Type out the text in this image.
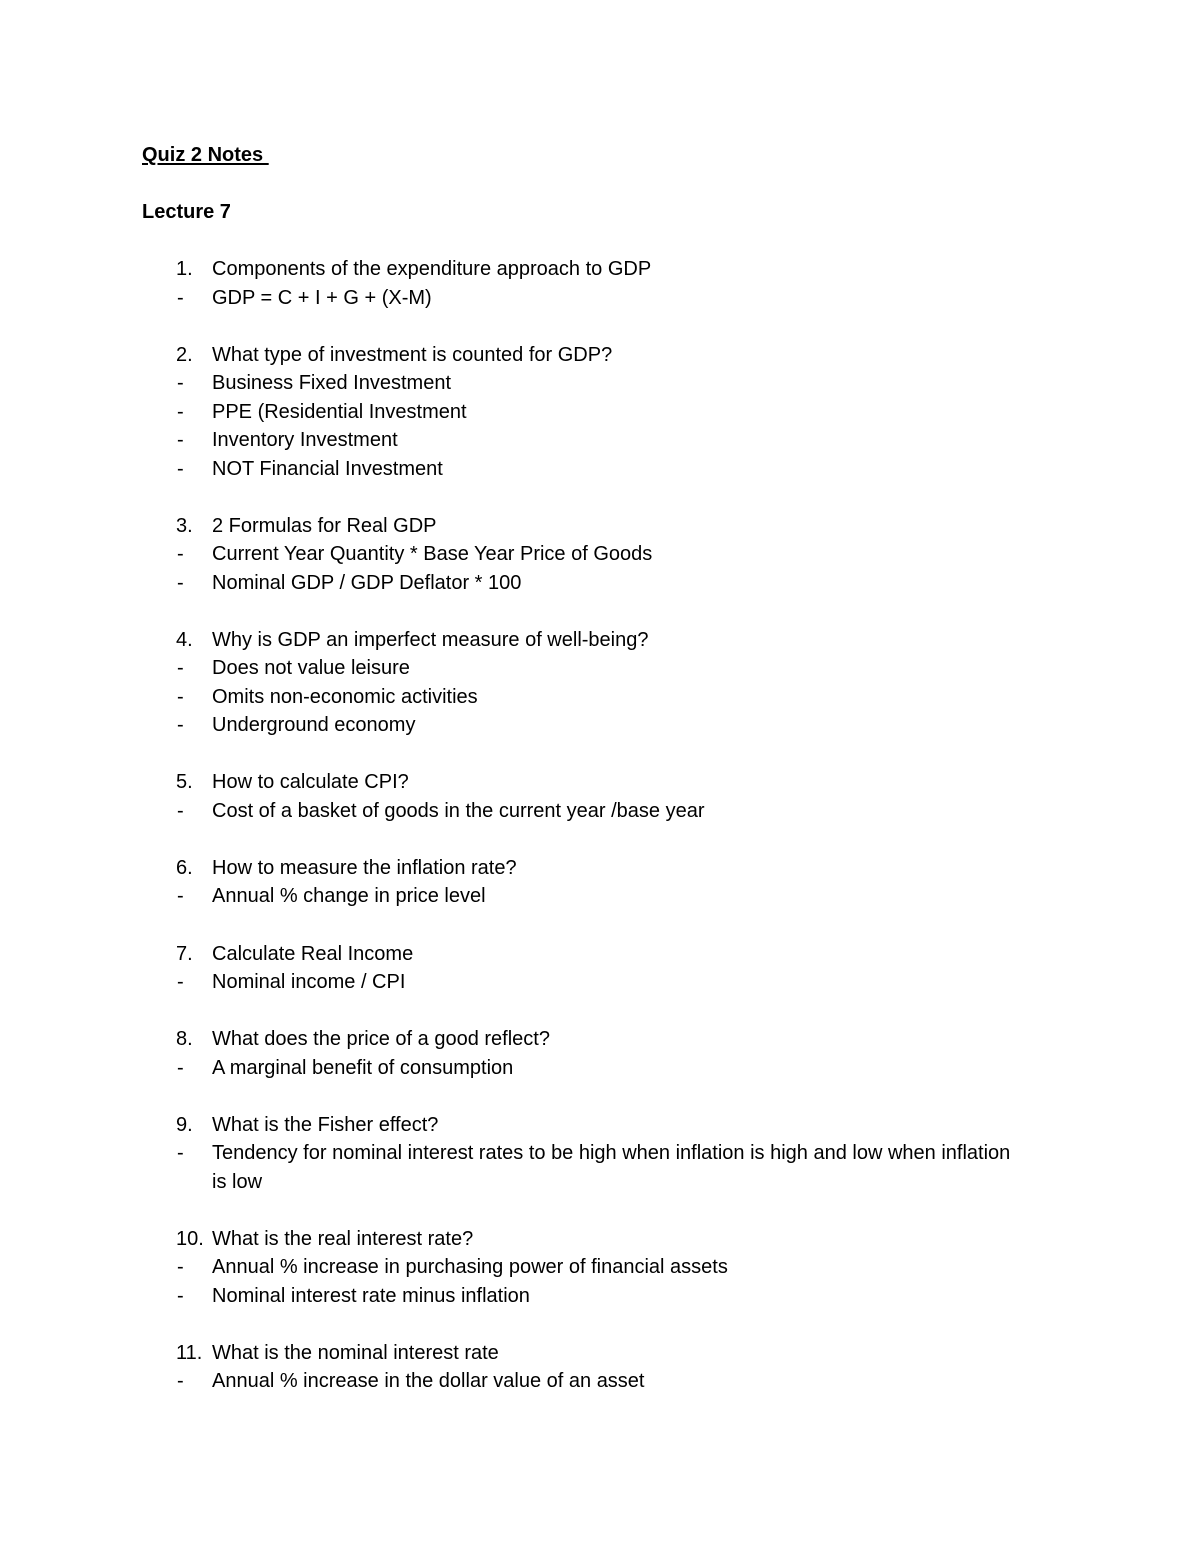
Quiz 2 Notes
Lecture 7
1. Components of the expenditure approach to GDP
- GDP = C + I + G + (X-M)
2. What type of investment is counted for GDP?
- Business Fixed Investment
- PPE (Residential Investment
- Inventory Investment
- NOT Financial Investment
3. 2 Formulas for Real GDP
- Current Year Quantity * Base Year Price of Goods
- Nominal GDP / GDP Deflator * 100
4. Why is GDP an imperfect measure of well-being?
- Does not value leisure
- Omits non-economic activities
- Underground economy
5. How to calculate CPI?
- Cost of a basket of goods in the current year /base year
6. How to measure the inflation rate?
- Annual % change in price level
7. Calculate Real Income
- Nominal income / CPI
8. What does the price of a good reflect?
- A marginal benefit of consumption
9. What is the Fisher effect?
- Tendency for nominal interest rates to be high when inflation is high and low when inflation is low
10. What is the real interest rate?
- Annual % increase in purchasing power of financial assets
- Nominal interest rate minus inflation
11. What is the nominal interest rate
- Annual % increase in the dollar value of an asset
